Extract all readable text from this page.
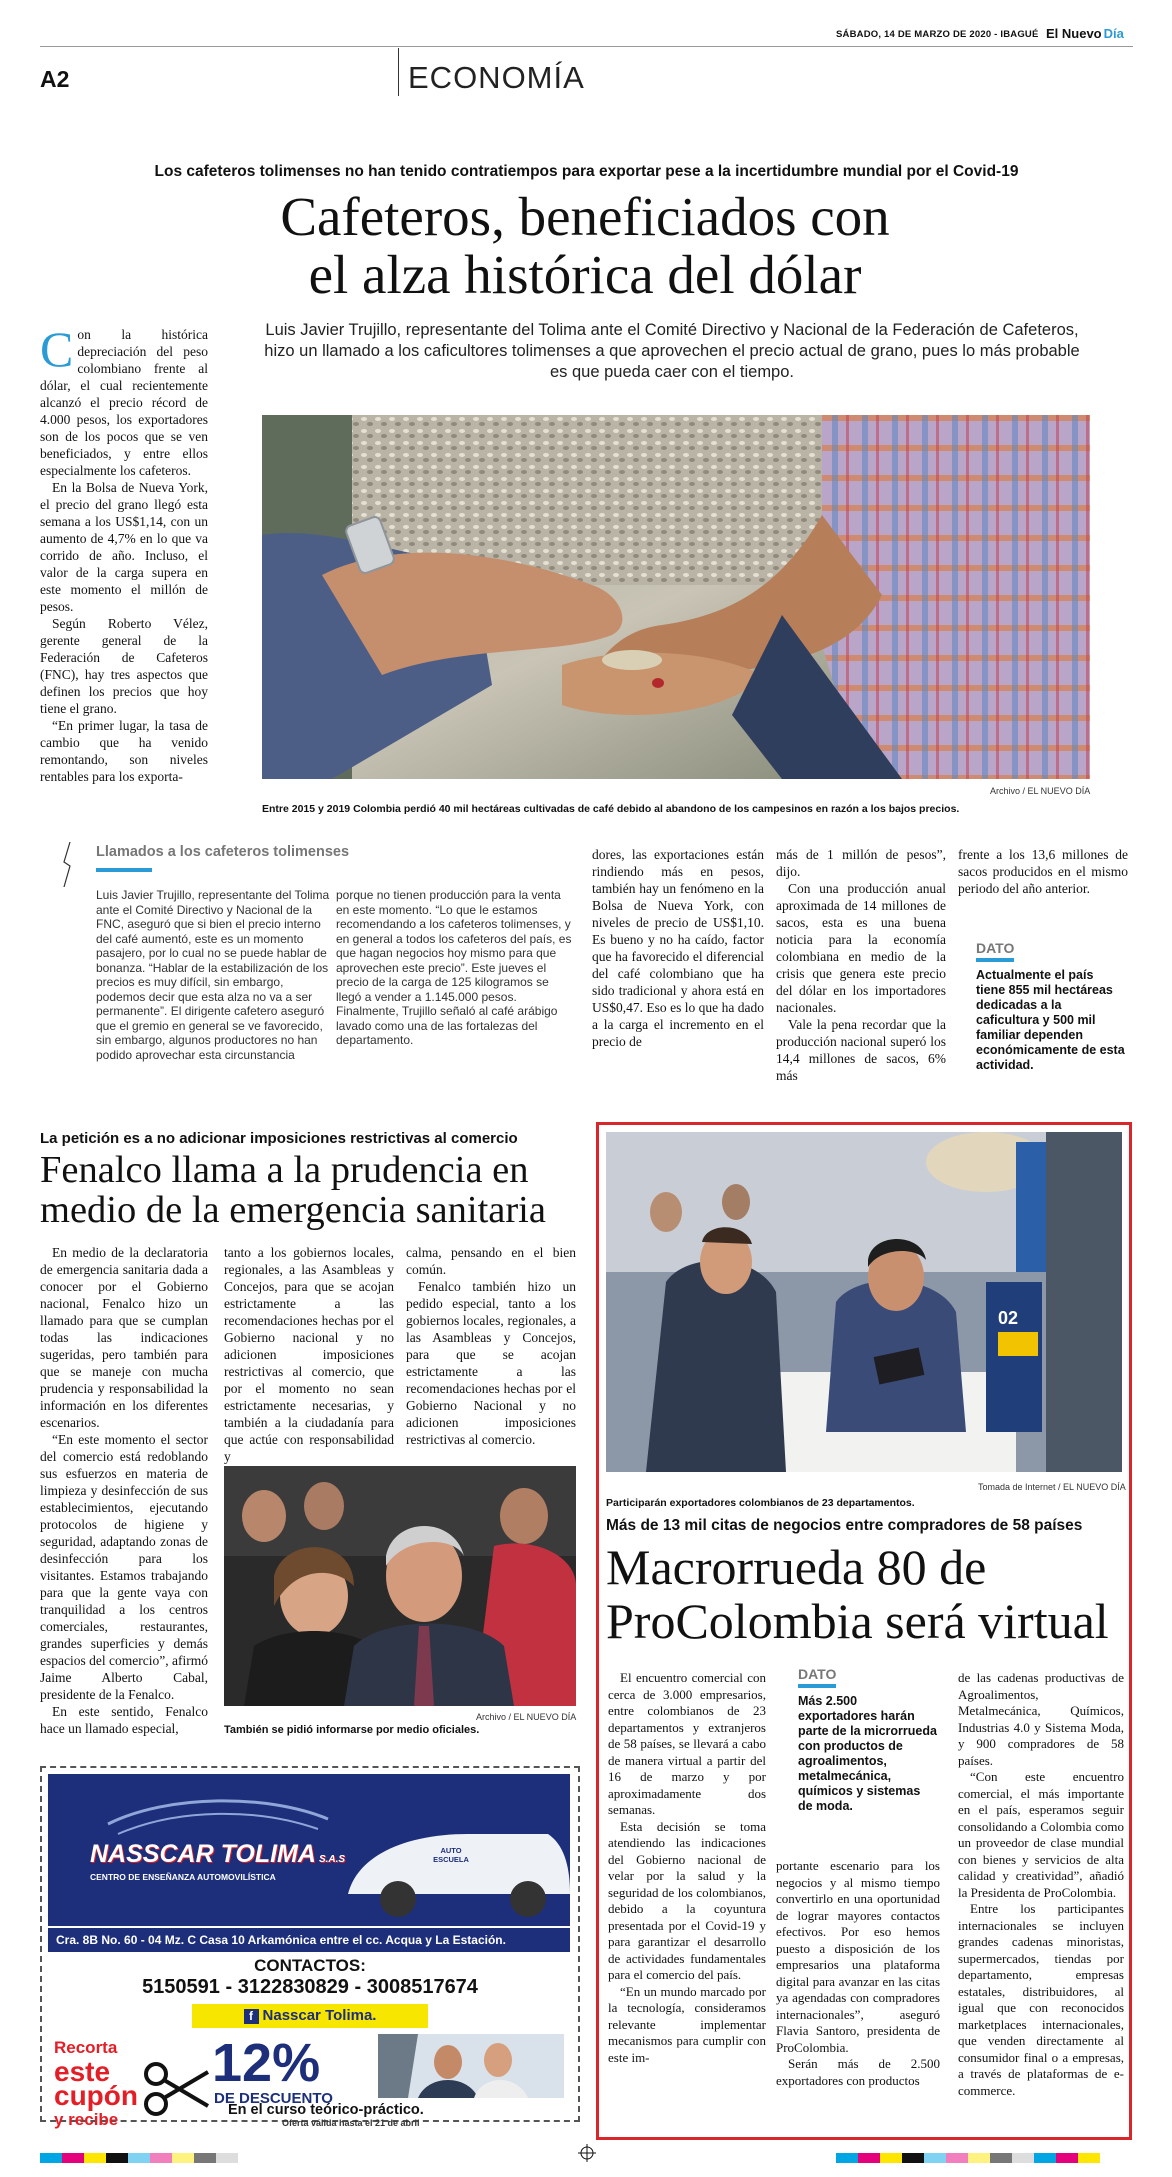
SÁBADO, 14 DE MARZO DE 2020 - IBAGUÉ El Nuevo Día
A2	ECONOMÍA
Los cafeteros tolimenses no han tenido contratiempos para exportar pese a la incertidumbre mundial por el Covid-19
Cafeteros, beneficiados con
el alza histórica del dólar
Luis Javier Trujillo, representante del Tolima ante el Comité Directivo y Nacional de la Federación de Cafeteros, hizo un llamado a los caficultores tolimenses a que aprovechen el precio actual de grano, pues lo más probable es que pueda caer con el tiempo.

Con la histórica depreciación del peso colombiano frente al dólar, el cual recientemente alcanzó el precio récord de 4.000 pesos, los exportadores son de los pocos que se ven beneficiados, y entre ellos especialmente los cafeteros.

En la Bolsa de Nueva York, el precio del grano llegó esta semana a los US$1,14, con un aumento de 4,7% en lo que va corrido de año. Incluso, el valor de la carga supera en este momento el millón de pesos.

Según Roberto Vélez, gerente general de la Federación de Cafeteros (FNC), hay tres aspectos que definen los precios que hoy tiene el grano.

“En primer lugar, la tasa de cambio que ha venido remontando, son niveles rentables para los exporta-

Entre 2015 y 2019 Colombia perdió 40 mil hectáreas cultivadas de café debido al abandono de los campesinos en razón a los bajos precios.
Archivo / EL NUEVO DÍA
Llamados a los cafeteros tolimenses
Luis Javier Trujillo, representante del Tolima ante el Comité Directivo y Nacional de la FNC, aseguró que si bien el precio interno del café aumentó, este es un momento pasajero, por lo cual no se puede hablar de bonanza. “Hablar de la estabilización de los precios es muy difícil, sin embargo, podemos decir que esta alza no va a ser permanente”. El dirigente cafetero aseguró que el gremio en general se ve favorecido, sin embargo, algunos productores no han podido aprovechar esta circunstancia
porque no tienen producción para la venta en este momento. “Lo que le estamos recomendando a los cafeteros tolimenses, y en general a todos los cafeteros del país, es que hagan negocios hoy mismo para que aprovechen este precio”. Este jueves el precio de la carga de 125 kilogramos se llegó a vender a 1.145.000 pesos. Finalmente, Trujillo señaló al café arábigo lavado como una de las fortalezas del departamento.
dores, las exportaciones están rindiendo más en pesos, también hay un fenómeno en la Bolsa de Nueva York, con niveles de precio de US$1,10. Es bueno y no ha caído, factor que ha favorecido el diferencial del café colombiano que ha sido tradicional y ahora está en US$0,47. Eso es lo que ha dado a la carga el incremento en el precio de

más de 1 millón de pesos”, dijo.

Con una producción anual aproximada de 14 millones de sacos, esta es una buena noticia para la economía colombiana en medio de la crisis que genera este precio del dólar en los importadores nacionales.

Vale la pena recordar que la producción nacional superó los 14,4 millones de sacos, 6% más

frente a los 13,6 millones de sacos producidos en el mismo periodo del año anterior.
DATO
Actualmente el país tiene 855 mil hectáreas dedicadas a la caficultura y 500 mil familiar dependen económicamente de esta actividad.
La petición es a no adicionar imposiciones restrictivas al comercio
Fenalco llama a la prudencia en
medio de la emergencia sanitaria

En medio de la declaratoria de emergencia sanitaria dada a conocer por el Gobierno nacional, Fenalco hizo un llamado para que se cumplan todas las indicaciones sugeridas, pero también para que se maneje con mucha prudencia y responsabilidad la información en los diferentes escenarios.

“En este momento el sector del comercio está redoblando sus esfuerzos en materia de limpieza y desinfección de sus establecimientos, ejecutando protocolos de higiene y seguridad, adaptando zonas de desinfección para los visitantes. Estamos trabajando para que la gente vaya con tranquilidad a los centros comerciales, restaurantes, grandes superficies y demás espacios del comercio”, afirmó Jaime Alberto Cabal, presidente de la Fenalco.

En este sentido, Fenalco hace un llamado especial,

tanto a los gobiernos locales, regionales, a las Asambleas y Concejos, para que se acojan estrictamente a las recomendaciones hechas por el Gobierno nacional y no adicionen imposiciones restrictivas al comercio, que por el momento no sean estrictamente necesarias, y también a la ciudadanía para que actúe con responsabilidad y

calma, pensando en el bien común.

Fenalco también hizo un pedido especial, tanto a los gobiernos locales, regionales, a las Asambleas y Concejos, para que se acojan estrictamente a las recomendaciones hechas por el Gobierno Nacional y no adicionen imposiciones restrictivas al comercio.

Archivo / EL NUEVO DÍA
También se pidió informarse por medio oficiales.
NASSCAR TOLIMA S.A.S
CENTRO DE ENSEÑANZA AUTOMOVILÍSTICA
AUTO ESCUELA
Cra. 8B No. 60 - 04 Mz. C Casa 10 Arkamónica entre el cc. Acqua y La Estación.
CONTACTOS:
5150591 - 3122830829 - 3008517674
f Nasscar Tolima.
Recorta
este
cupón
y recibe
12%
DE DESCUENTO
En el curso teórico-práctico.
Oferta válida hasta el 21 de abril
02
Tomada de Internet / EL NUEVO DÍA
Participarán exportadores colombianos de 23 departamentos.
Más de 13 mil citas de negocios entre compradores de 58 países
Macrorrueda 80 de
ProColombia será virtual

El encuentro comercial con cerca de 3.000 empresarios, entre colombianos de 23 departamentos y extranjeros de 58 países, se llevará a cabo de manera virtual a partir del 16 de marzo y por aproximadamente dos semanas.

Esta decisión se toma atendiendo las indicaciones del Gobierno nacional de velar por la salud y la seguridad de los colombianos, debido a la coyuntura presentada por el Covid-19 y para garantizar el desarrollo de actividades fundamentales para el comercio del país.

“En un mundo marcado por la tecnología, consideramos relevante implementar mecanismos para cumplir con este im-

DATO
Más 2.500 exportadores harán parte de la microrrueda con productos de agroalimentos, metalmecánica, químicos y sistemas de moda.

portante escenario para los negocios y al mismo tiempo convertirlo en una oportunidad de lograr mayores contactos efectivos. Por eso hemos puesto a disposición de los empresarios una plataforma digital para avanzar en las citas ya agendadas con compradores internacionales”, aseguró Flavia Santoro, presidenta de ProColombia.

Serán más de 2.500 exportadores con productos

de las cadenas productivas de Agroalimentos, Metalmecánica, Químicos, Industrias 4.0 y Sistema Moda, y 900 compradores de 58 países.

“Con este encuentro comercial, el más importante en el país, esperamos seguir consolidando a Colombia como un proveedor de clase mundial con bienes y servicios de alta calidad y creatividad”, añadió la Presidenta de ProColombia.

Entre los participantes internacionales se incluyen grandes cadenas minoristas, supermercados, tiendas por departamento, empresas estatales, distribuidores, al igual que con reconocidos marketplaces internacionales, que venden directamente al consumidor final o a empresas, a través de plataformas de e-commerce.
